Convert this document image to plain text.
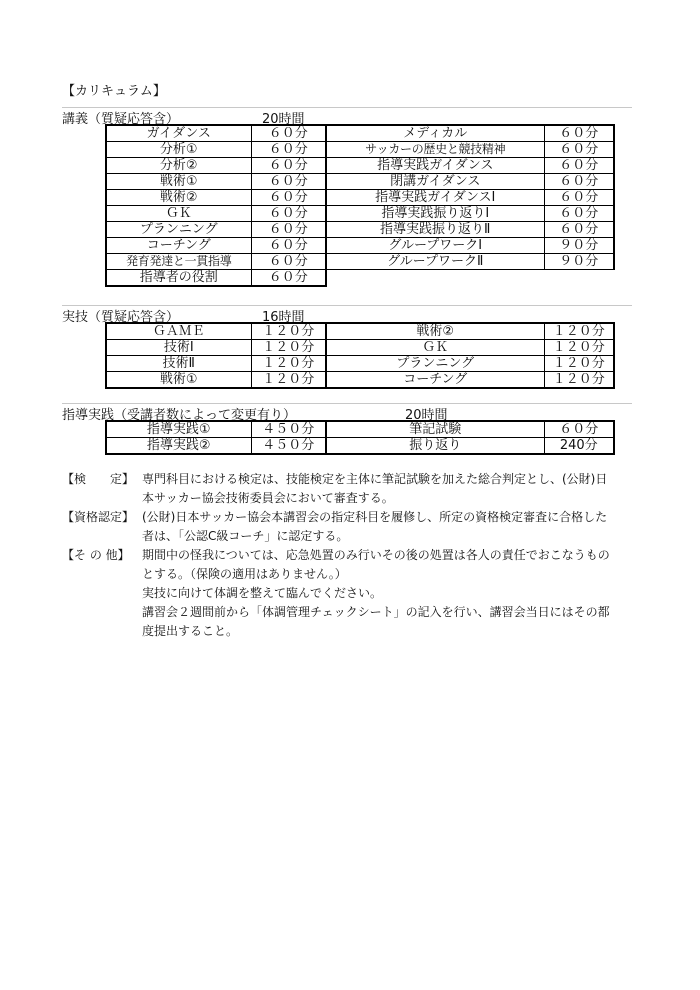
【カリキュラム】
講義（質疑応答含）	20時間
ガイダンス	６０分	メディカル	６０分
分析①	６０分	サッカーの歴史と競技精神	６０分
分析②	６０分	指導実践ガイダンス	６０分
戦術①	６０分	閉講ガイダンス	６０分
戦術②	６０分	指導実践ガイダンスⅠ	６０分
ＧＫ	６０分	指導実践振り返りⅠ	６０分
プランニング	６０分	指導実践振り返りⅡ	６０分
コーチング	６０分	グループワークⅠ	９０分
発育発達と一貫指導	６０分	グループワークⅡ	９０分
指導者の役割	６０分		
実技（質疑応答含）	16時間
ＧＡＭＥ	１２０分	戦術②	１２０分
技術Ⅰ	１２０分	ＧＫ	１２０分
技術Ⅱ	１２０分	プランニング	１２０分
戦術①	１２０分	コーチング	１２０分
指導実践（受講者数によって変更有り）	20時間
指導実践①	４５０分	筆記試験	６０分
指導実践②	４５０分	振り返り	240分
【検　　定】 専門科目における検定は、技能検定を主体に筆記試験を加えた総合判定とし、(公財)日
本サッカー協会技術委員会において審査する。
【資格認定】 (公財)日本サッカー協会本講習会の指定科目を履修し、所定の資格検定審査に合格した
者は、「公認C級コーチ」に認定する。
【そ の 他】	期間中の怪我については、応急処置のみ行いその後の処置は各人の責任でおこなうもの
とする。（保険の適用はありません。）
実技に向けて体調を整えて臨んでください。
講習会２週間前から「体調管理チェックシート」の記入を行い、講習会当日にはその都
度提出すること。
